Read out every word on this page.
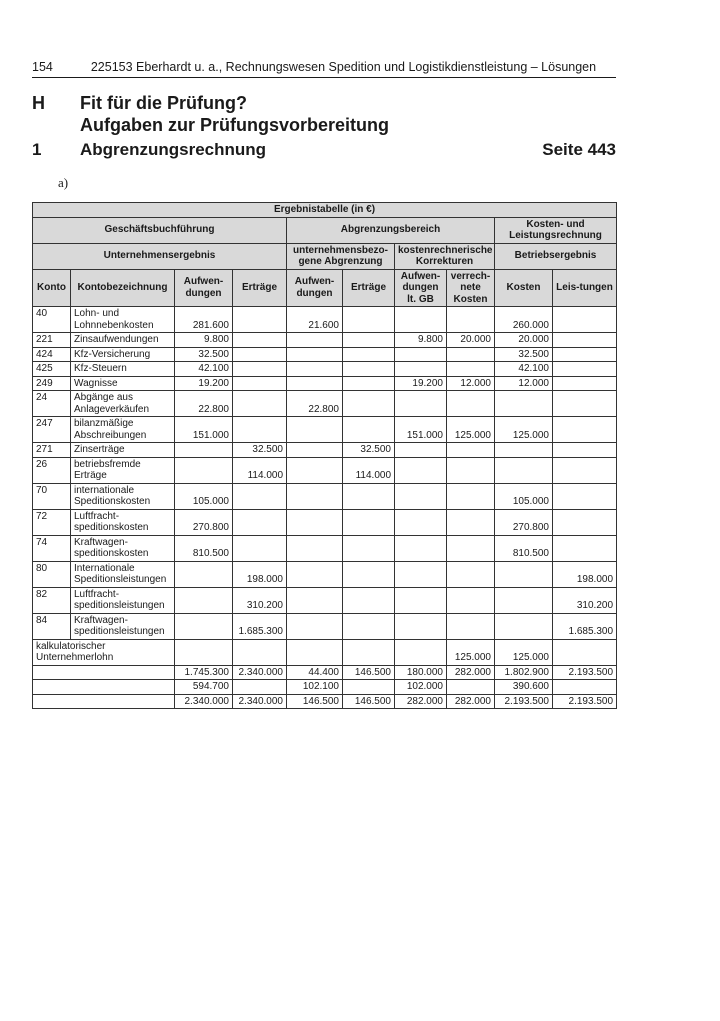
154	225153 Eberhardt u. a., Rechnungswesen Spedition und Logistikdienstleistung – Lösungen
H Fit für die Prüfung?
Aufgaben zur Prüfungsvorbereitung
1 Abgrenzungsrechnung	Seite 443
a)
Ergebnistabelle (in €)									
Geschäftsbuchführung				Abgrenzungsbereich				Kosten- und Leistungsrechnung	
Unternehmensergebnis				unternehmensbezo-gene Abgrenzung		kostenrechnerische Korrekturen		Betriebsergebnis	
Konto	Kontobezeichnung	Aufwen-dungen	Erträge	Aufwen-dungen	Erträge	Aufwen-dungen lt. GB	verrech-nete Kosten	Kosten	Leis-tungen
40	Lohn- und Lohnnebenkosten	281.600		21.600				260.000	
221	Zinsaufwendungen	9.800				9.800	20.000	20.000	
424	Kfz-Versicherung	32.500						32.500	
425	Kfz-Steuern	42.100						42.100	
249	Wagnisse	19.200				19.200	12.000	12.000	
24	Abgänge aus Anlageverkäufen	22.800		22.800					
247	bilanzmäßige Abschreibungen	151.000				151.000	125.000	125.000	
271	Zinserträge		32.500		32.500				
26	betriebsfremde Erträge		114.000		114.000				
70	internationale Speditionskosten	105.000						105.000	
72	Luftfracht-speditionskosten	270.800						270.800	
74	Kraftwagen-speditionskosten	810.500						810.500	
80	Internationale Speditionsleistungen		198.000						198.000
82	Luftfracht-speditionsleistungen		310.200						310.200
84	Kraftwagen-speditionsleistungen		1.685.300						1.685.300
kalkulatorischer Unternehmerlohn							125.000	125.000	
		1.745.300	2.340.000	44.400	146.500	180.000	282.000	1.802.900	2.193.500
		594.700		102.100		102.000		390.600	
		2.340.000	2.340.000	146.500	146.500	282.000	282.000	2.193.500	2.193.500
